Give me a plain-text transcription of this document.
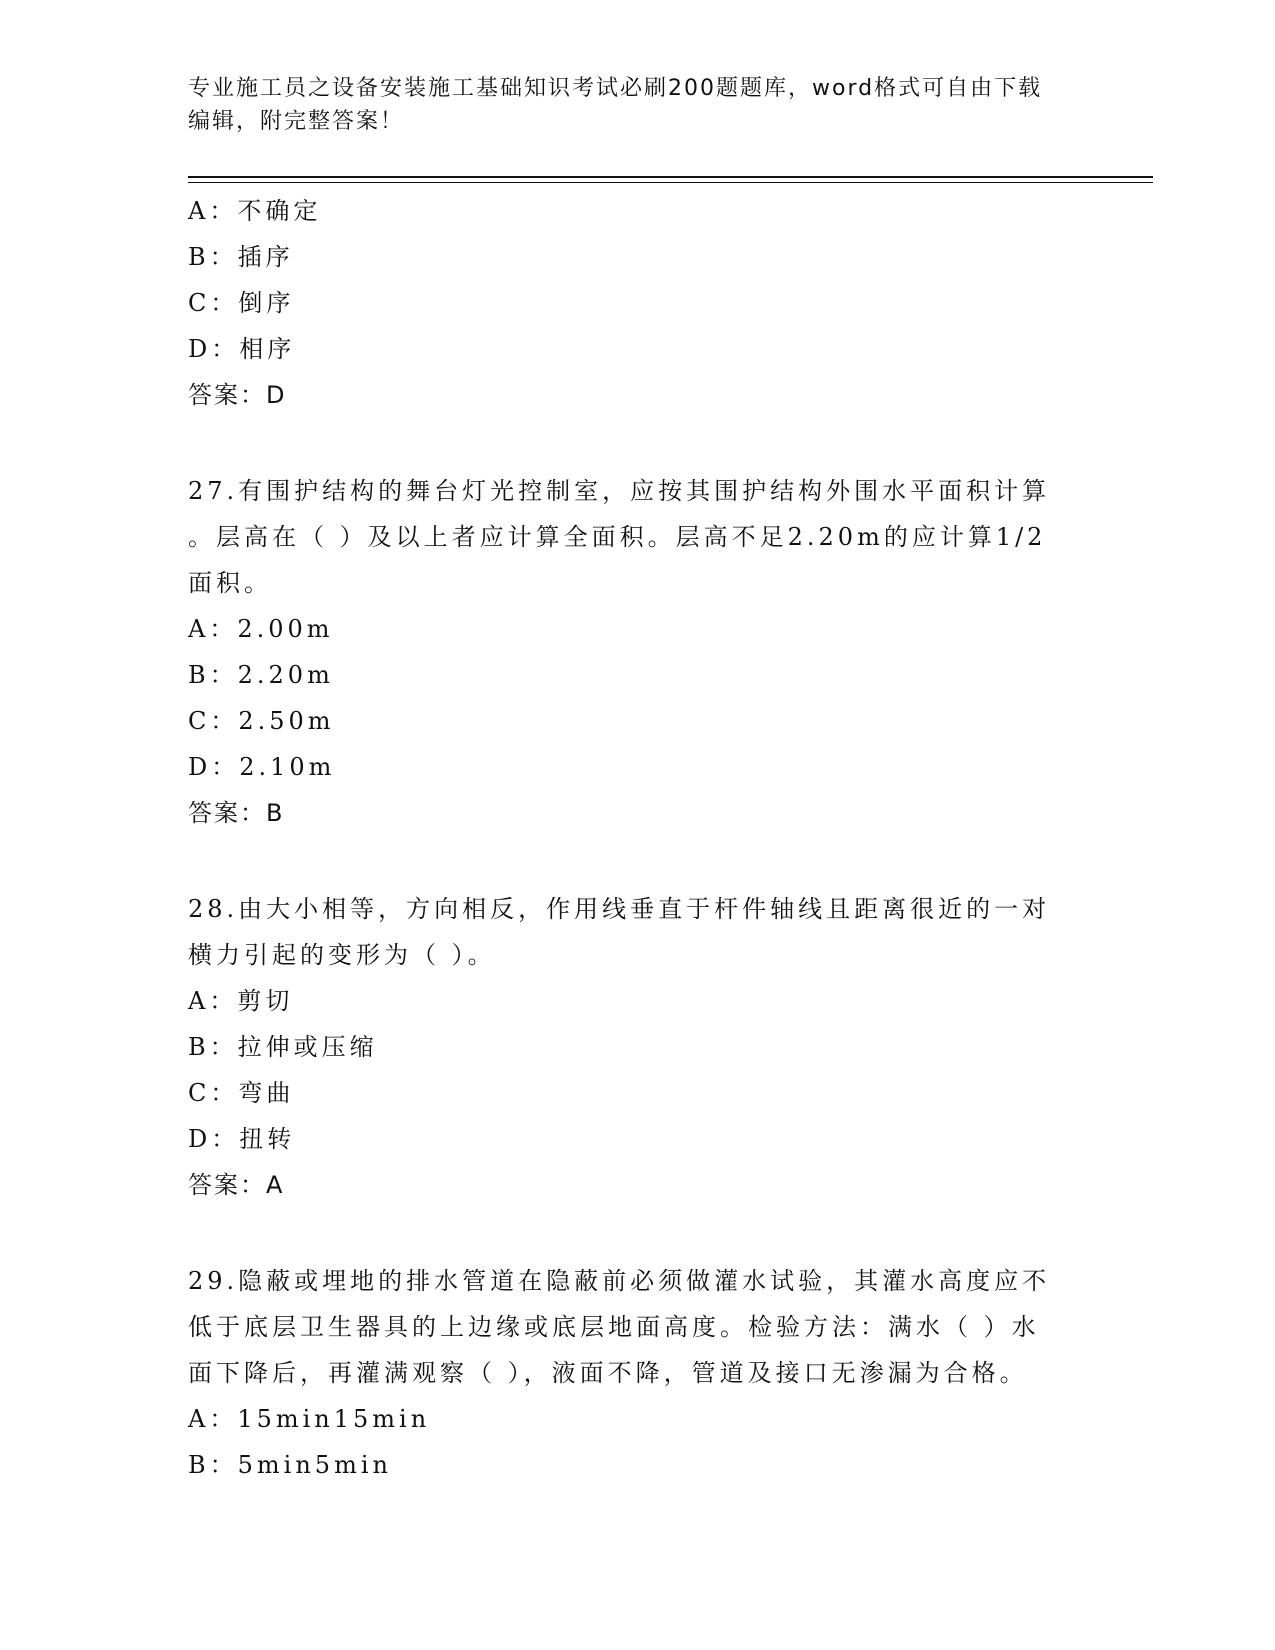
专业施工员之设备安装施工基础知识考试必刷200题题库，word格式可自由下载
编辑，附完整答案！
A：不确定
B：插序
C：倒序
D：相序
答案：D
27.有围护结构的舞台灯光控制室，应按其围护结构外围水平面积计算
。层高在（ ）及以上者应计算全面积。层高不足2.20m的应计算1/2
面积。
A：2.00m
B：2.20m
C：2.50m
D：2.10m
答案：B
28.由大小相等，方向相反，作用线垂直于杆件轴线且距离很近的一对
横力引起的变形为（ ）。
A：剪切
B：拉伸或压缩
C：弯曲
D：扭转
答案：A
29.隐蔽或埋地的排水管道在隐蔽前必须做灌水试验，其灌水高度应不
低于底层卫生器具的上边缘或底层地面高度。检验方法：满水（ ）水
面下降后，再灌满观察（ ），液面不降，管道及接口无渗漏为合格。
A：15min15min
B：5min5min
